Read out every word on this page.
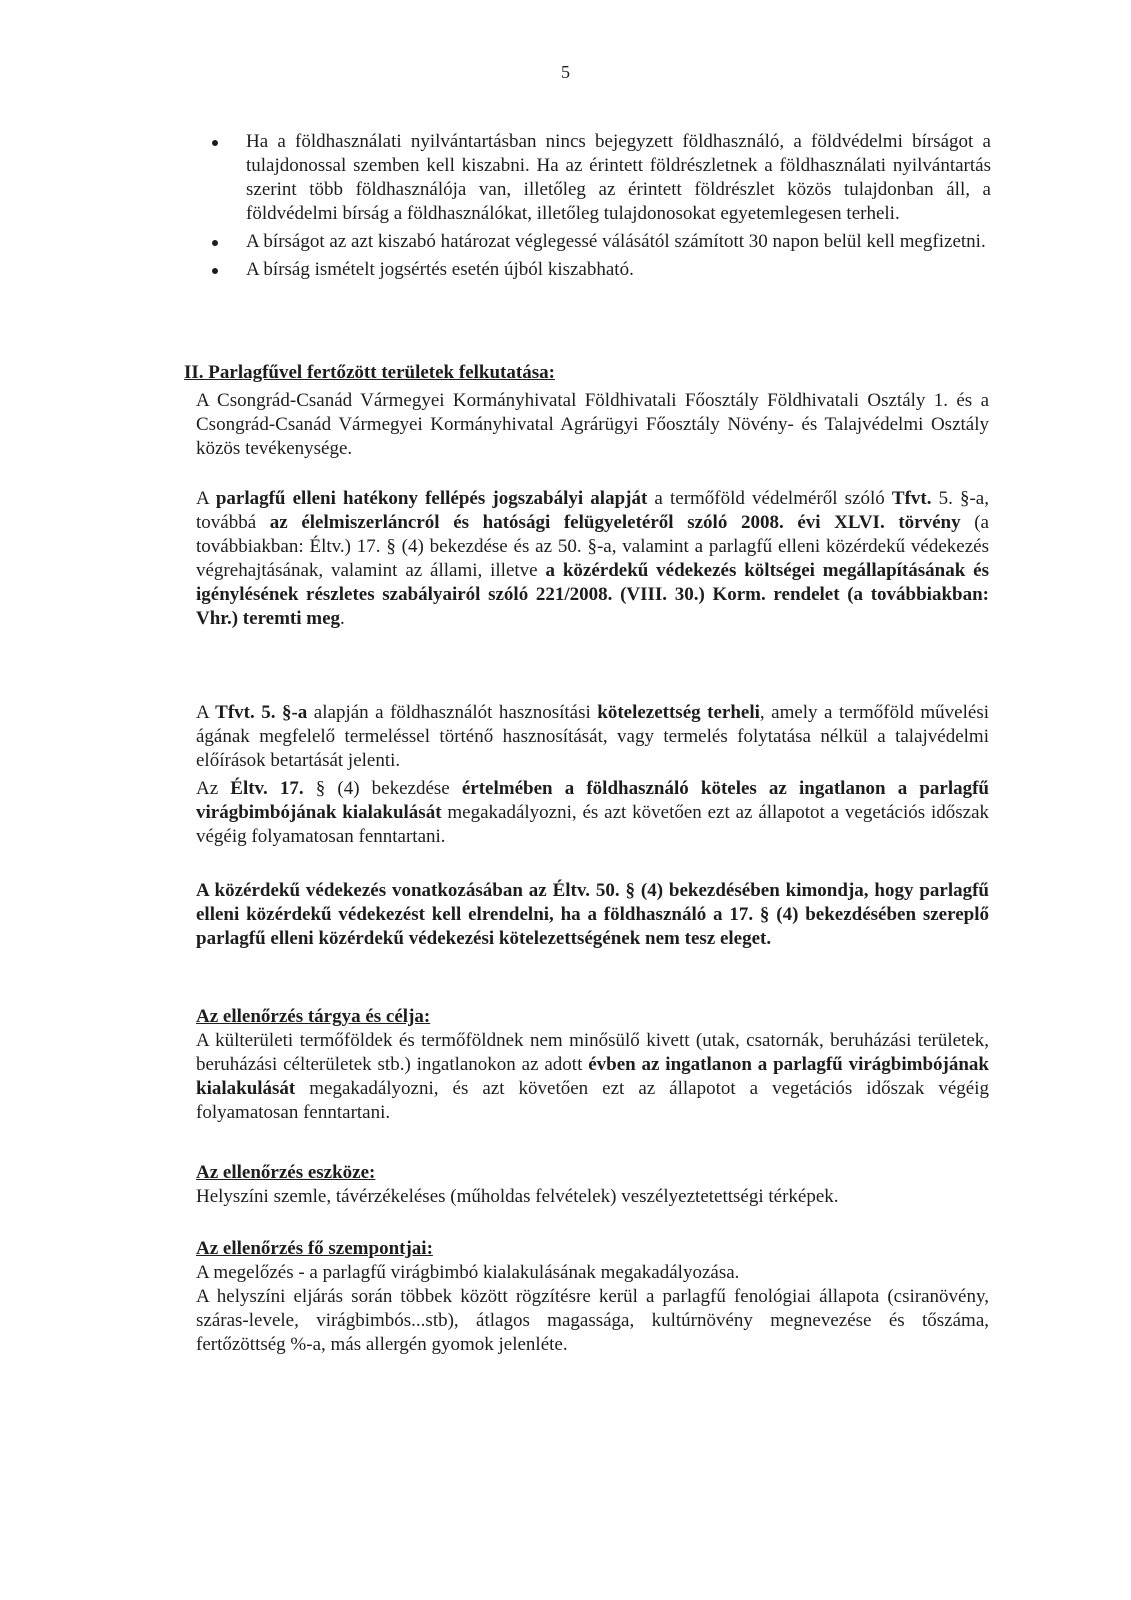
5
Ha a földhasználati nyilvántartásban nincs bejegyzett földhasználó, a földvédelmi bírságot a tulajdonossal szemben kell kiszabni. Ha az érintett földrészletnek a földhasználati nyilvántartás szerint több földhasználója van, illetőleg az érintett földrészlet közös tulajdonban áll, a földvédelmi bírság a földhasználókat, illetőleg tulajdonosokat egyetemlegesen terheli.
A bírságot az azt kiszabó határozat véglegessé válásától számított 30 napon belül kell megfizetni.
A bírság ismételt jogsértés esetén újból kiszabható.
II. Parlagfűvel fertőzött területek felkutatása:

A Csongrád-Csanád Vármegyei Kormányhivatal Földhivatali Főosztály Földhivatali Osztály 1. és a Csongrád-Csanád Vármegyei Kormányhivatal Agrárügyi Főosztály Növény- és Talajvédelmi Osztály közös tevékenysége.

A parlagfű elleni hatékony fellépés jogszabályi alapját a termőföld védelméről szóló Tfvt. 5. §-a, továbbá az élelmiszerláncról és hatósági felügyeletéről szóló 2008. évi XLVI. törvény (a továbbiakban: Éltv.) 17. § (4) bekezdése és az 50. §-a, valamint a parlagfű elleni közérdekű védekezés végrehajtásának, valamint az állami, illetve a közérdekű védekezés költségei megállapításának és igénylésének részletes szabályairól szóló 221/2008. (VIII. 30.) Korm. rendelet (a továbbiakban: Vhr.) teremti meg.

A Tfvt. 5. §-a alapján a földhasználót hasznosítási kötelezettség terheli, amely a termőföld művelési ágának megfelelő termeléssel történő hasznosítását, vagy termelés folytatása nélkül a talajvédelmi előírások betartását jelenti.

Az Éltv. 17. § (4) bekezdése értelmében a földhasználó köteles az ingatlanon a parlagfű virágbimbójának kialakulását megakadályozni, és azt követően ezt az állapotot a vegetációs időszak végéig folyamatosan fenntartani.

A közérdekű védekezés vonatkozásában az Éltv. 50. § (4) bekezdésében kimondja, hogy parlagfű elleni közérdekű védekezést kell elrendelni, ha a földhasználó a 17. § (4) bekezdésében szereplő parlagfű elleni közérdekű védekezési kötelezettségének nem tesz eleget.

Az ellenőrzés tárgya és célja:

A külterületi termőföldek és termőföldnek nem minősülő kivett (utak, csatornák, beruházási területek, beruházási célterületek stb.) ingatlanokon az adott évben az ingatlanon a parlagfű virágbimbójának kialakulását megakadályozni, és azt követően ezt az állapotot a vegetációs időszak végéig folyamatosan fenntartani.

Az ellenőrzés eszköze:

Helyszíni szemle, távérzékeléses (műholdas felvételek) veszélyeztetettségi térképek.

Az ellenőrzés fő szempontjai:

A megelőzés - a parlagfű virágbimbó kialakulásának megakadályozása.

A helyszíni eljárás során többek között rögzítésre kerül a parlagfű fenológiai állapota (csiranövény, száras-levele, virágbimbós...stb), átlagos magassága, kultúrnövény megnevezése és tőszáma, fertőzöttség %-a, más allergén gyomok jelenléte.
